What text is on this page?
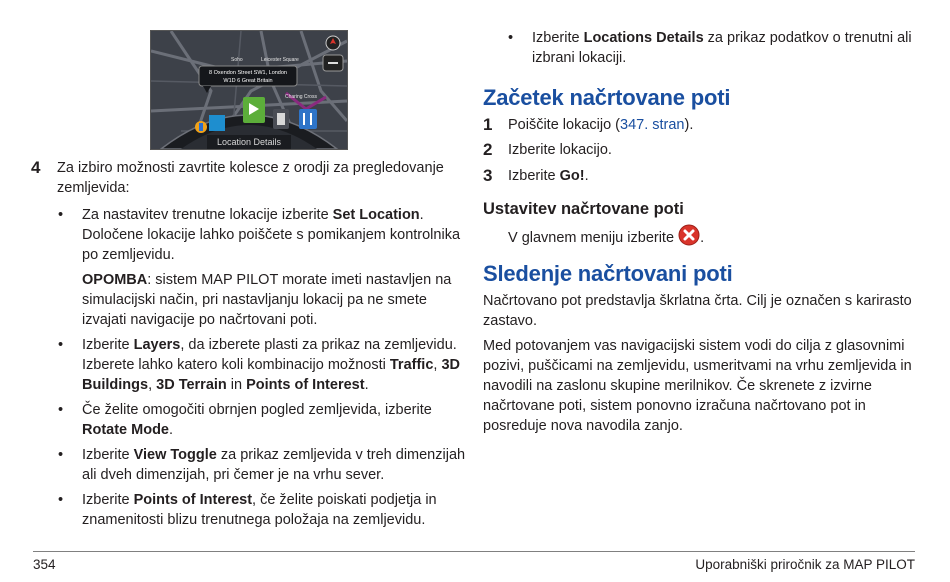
8 Oxendon Street SW1, London
W1D 6 Great Britain
Soho	Leicester Square
Charing Cross
Location Details
4 Za izbiro možnosti zavrtite kolesce z orodji za pregledovanje zemljevida:
• Za nastavitev trenutne lokacije izberite Set Location. Določene lokacije lahko poiščete s pomikanjem kontrolnika po zemljevidu.
OPOMBA: sistem MAP PILOT morate imeti nastavljen na simulacijski način, pri nastavljanju lokacij pa ne smete izvajati navigacije po načrtovani poti.
• Izberite Layers, da izberete plasti za prikaz na zemljevidu. Izberete lahko katero koli kombinacijo možnosti Traffic, 3D Buildings, 3D Terrain in Points of Interest.
• Če želite omogočiti obrnjen pogled zemljevida, izberite Rotate Mode.
• Izberite View Toggle za prikaz zemljevida v treh dimenzijah ali dveh dimenzijah, pri čemer je na vrhu sever.
• Izberite Points of Interest, če želite poiskati podjetja in znamenitosti blizu trenutnega položaja na zemljevidu.
• Izberite Locations Details za prikaz podatkov o trenutni ali izbrani lokaciji.
Začetek načrtovane poti
1 Poiščite lokacijo (347. stran).
2 Izberite lokacijo.
3 Izberite Go!.
Ustavitev načrtovane poti
V glavnem meniju izberite .
Sledenje načrtovani poti
Načrtovano pot predstavlja škrlatna črta. Cilj je označen s karirasto zastavo.
Med potovanjem vas navigacijski sistem vodi do cilja z glasovnimi pozivi, puščicami na zemljevidu, usmeritvami na vrhu zemljevida in navodili na zaslonu skupine merilnikov. Če skrenete z izvirne načrtovane poti, sistem ponovno izračuna načrtovano pot in posreduje nova navodila zanjo.
354	Uporabniški priročnik za MAP PILOT
